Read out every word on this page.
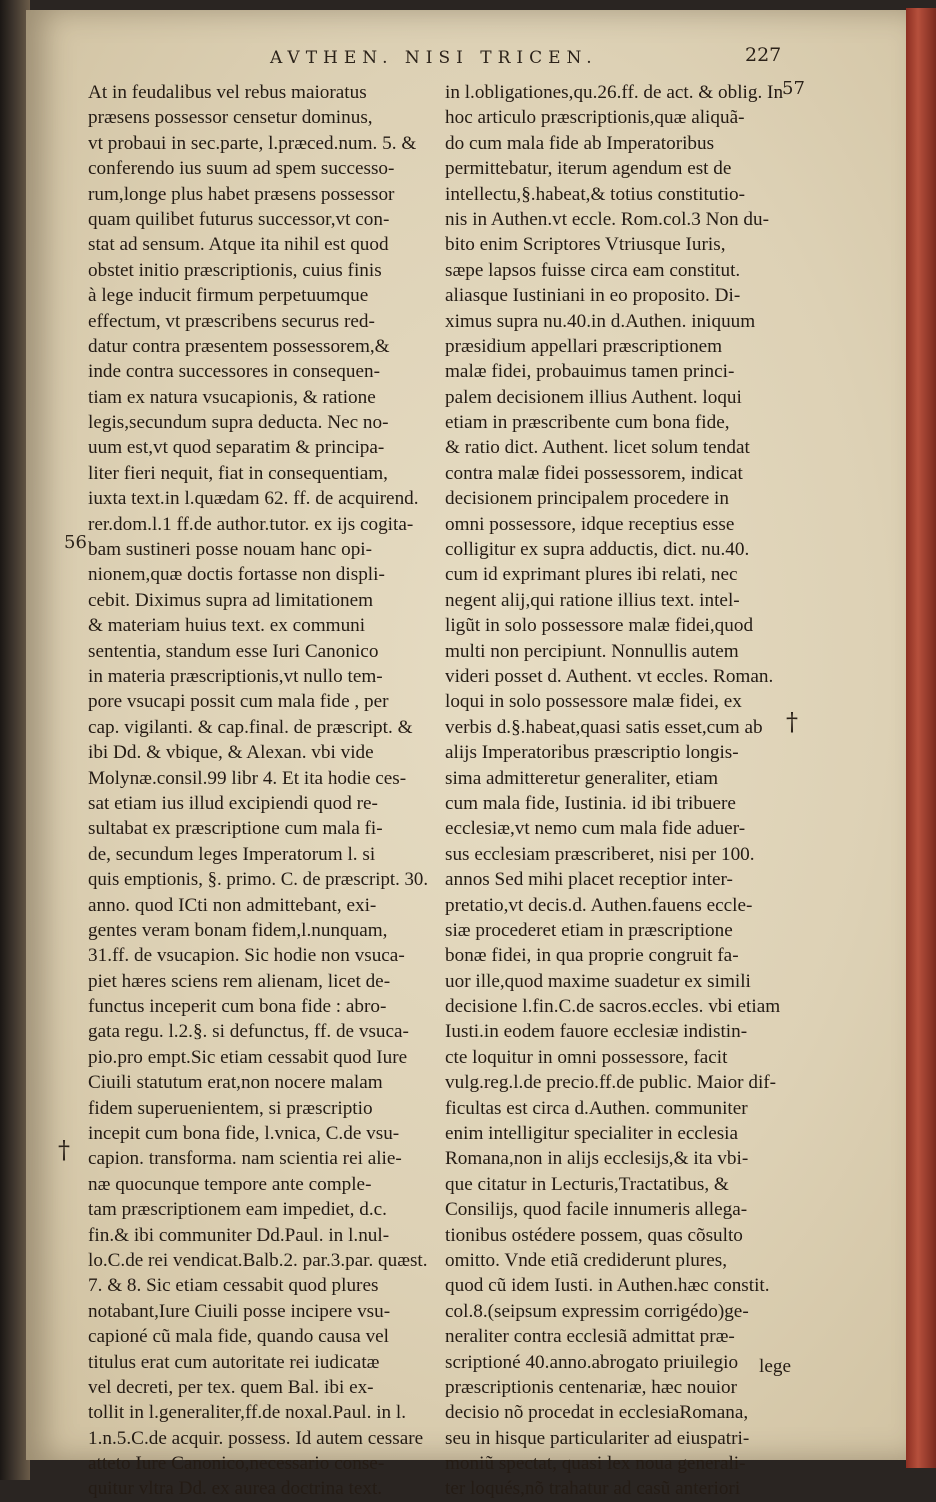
AVTHEN. NISI TRICEN.	227
56
57
†
†
At in feudalibus vel rebus maioratus
præsens possessor censetur dominus,
vt probaui in sec.parte, l.præced.num. 5. &
conferendo ius suum ad spem successo-
rum,longe plus habet præsens possessor
quam quilibet futurus successor,vt con-
stat ad sensum. Atque ita nihil est quod
obstet initio præscriptionis, cuius finis
à lege inducit firmum perpetuumque
effectum, vt præscribens securus red-
datur contra præsentem possessorem,&
inde contra successores in consequen-
tiam ex natura vsucapionis, & ratione
legis,secundum supra deducta. Nec no-
uum est,vt quod separatim & principa-
liter fieri nequit, fiat in consequentiam,
iuxta text.in l.quædam 62. ff. de acquirend.
rer.dom.l.1 ff.de author.tutor. ex ijs cogita-
bam sustineri posse nouam hanc opi-
nionem,quæ doctis fortasse non displi-
cebit. Diximus supra ad limitationem
& materiam huius text. ex communi
sententia, standum esse Iuri Canonico
in materia præscriptionis,vt nullo tem-
pore vsucapi possit cum mala fide , per
cap. vigilanti. & cap.final. de præscript. &
ibi Dd. & vbique, & Alexan. vbi vide
Molynæ.consil.99 libr 4. Et ita hodie ces-
sat etiam ius illud excipiendi quod re-
sultabat ex præscriptione cum mala fi-
de, secundum leges Imperatorum l. si
quis emptionis, §. primo. C. de præscript. 30.
anno. quod ICti non admittebant, exi-
gentes veram bonam fidem,l.nunquam,
31.ff. de vsucapion. Sic hodie non vsuca-
piet hæres sciens rem alienam, licet de-
functus inceperit cum bona fide : abro-
gata regu. l.2.§. si defunctus, ff. de vsuca-
pio.pro empt.Sic etiam cessabit quod Iure
Ciuili statutum erat,non nocere malam
fidem superuenientem, si præscriptio
incepit cum bona fide, l.vnica, C.de vsu-
capion. transforma. nam scientia rei alie-
næ quocunque tempore ante comple-
tam præscriptionem eam impediet, d.c.
fin.& ibi communiter Dd.Paul. in l.nul-
lo.C.de rei vendicat.Balb.2. par.3.par. quæst.
7. & 8. Sic etiam cessabit quod plures
notabant,Iure Ciuili posse incipere vsu-
capioné cũ mala fide, quando causa vel
titulus erat cum autoritate rei iudicatæ
vel decreti, per tex. quem Bal. ibi ex-
tollit in l.generaliter,ff.de noxal.Paul. in l.
1.n.5.C.de acquir. possess. Id autem cessare
atteto Iure Canonico,necessario conse-
quitur vltra Dd. ex aurea doctrina text.
in l.obligationes,qu.26.ff. de act. & oblig. In
hoc articulo præscriptionis,quæ aliquã-
do cum mala fide ab Imperatoribus
permittebatur, iterum agendum est de
intellectu,§.habeat,& totius constitutio-
nis in Authen.vt eccle. Rom.col.3 Non du-
bito enim Scriptores Vtriusque Iuris,
sæpe lapsos fuisse circa eam constitut.
aliasque Iustiniani in eo proposito. Di-
ximus supra nu.40.in d.Authen. iniquum
præsidium appellari præscriptionem
malæ fidei, probauimus tamen princi-
palem decisionem illius Authent. loqui
etiam in præscribente cum bona fide,
& ratio dict. Authent. licet solum tendat
contra malæ fidei possessorem, indicat
decisionem principalem procedere in
omni possessore, idque receptius esse
colligitur ex supra adductis, dict. nu.40.
cum id exprimant plures ibi relati, nec
negent alij,qui ratione illius text. intel-
ligũt in solo possessore malæ fidei,quod
multi non percipiunt. Nonnullis autem
videri posset d. Authent. vt eccles. Roman.
loqui in solo possessore malæ fidei, ex
verbis d.§.habeat,quasi satis esset,cum ab
alijs Imperatoribus præscriptio longis-
sima admitteretur generaliter, etiam
cum mala fide, Iustinia. id ibi tribuere
ecclesiæ,vt nemo cum mala fide aduer-
sus ecclesiam præscriberet, nisi per 100.
annos Sed mihi placet receptior inter-
pretatio,vt decis.d. Authen.fauens eccle-
siæ procederet etiam in præscriptione
bonæ fidei, in qua proprie congruit fa-
uor ille,quod maxime suadetur ex simili
decisione l.fin.C.de sacros.eccles. vbi etiam
Iusti.in eodem fauore ecclesiæ indistin-
cte loquitur in omni possessore, facit
vulg.reg.l.de precio.ff.de public. Maior dif-
ficultas est circa d.Authen. communiter
enim intelligitur specialiter in ecclesia
Romana,non in alijs ecclesijs,& ita vbi-
que citatur in Lecturis,Tractatibus, &
Consilijs, quod facile innumeris allega-
tionibus ostédere possem, quas cõsulto
omitto. Vnde etiã crediderunt plures,
quod cũ idem Iusti. in Authen.hæc constit.
col.8.(seipsum expressim corrigédo)ge-
neraliter contra ecclesiã admittat præ-
scriptioné 40.anno.abrogato priuilegio
præscriptionis centenariæ, hæc nouior
decisio nõ procedat in ecclesiaRomana,
seu in hisque particulariter ad eiuspatri-
moniũ spectat, quasi lex noua generali-
ter loqués,nõ trahatur ad casũ anteriori
lege
